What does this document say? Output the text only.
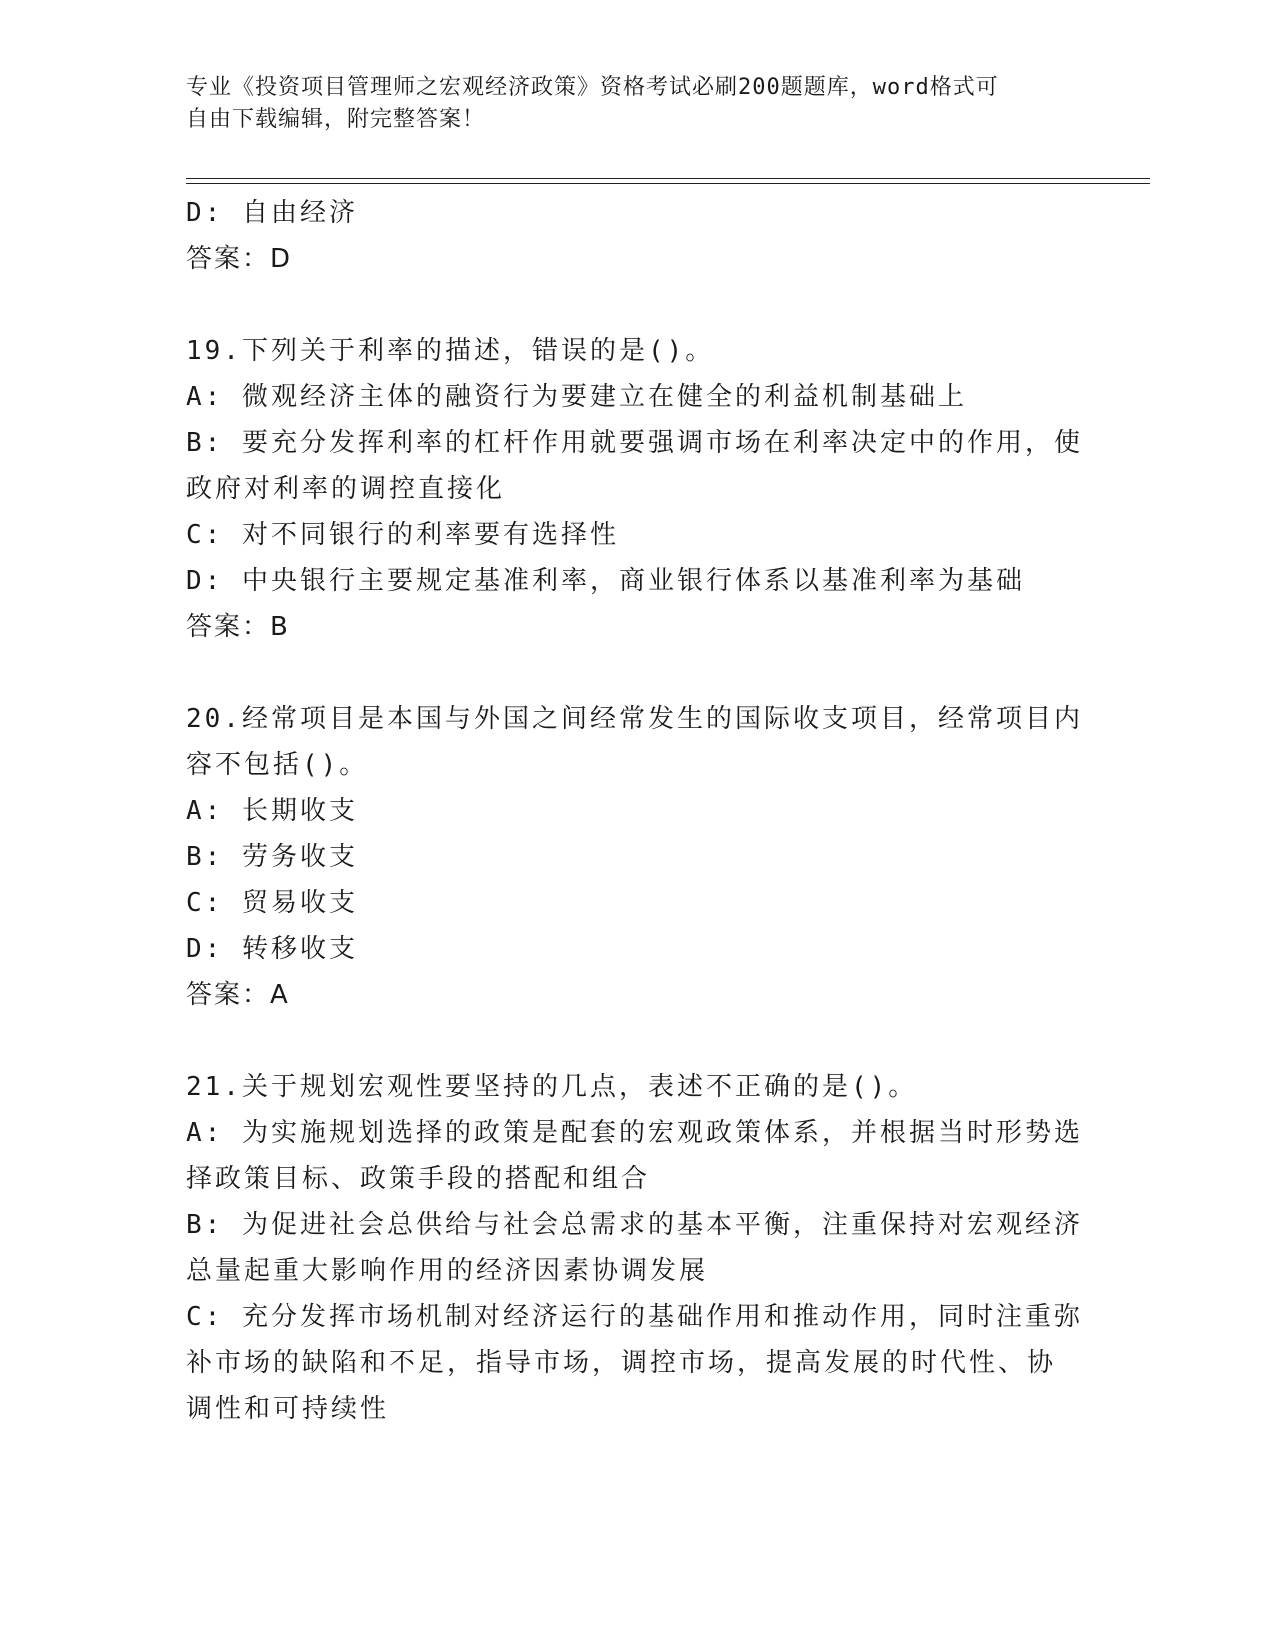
专业《投资项目管理师之宏观经济政策》资格考试必刷200题题库，word格式可
自由下载编辑，附完整答案！
D: 自由经济
答案：D
19.下列关于利率的描述，错误的是()。
A: 微观经济主体的融资行为要建立在健全的利益机制基础上
B: 要充分发挥利率的杠杆作用就要强调市场在利率决定中的作用，使
政府对利率的调控直接化
C: 对不同银行的利率要有选择性
D: 中央银行主要规定基准利率，商业银行体系以基准利率为基础
答案：B
20.经常项目是本国与外国之间经常发生的国际收支项目，经常项目内
容不包括()。
A: 长期收支
B: 劳务收支
C: 贸易收支
D: 转移收支
答案：A
21.关于规划宏观性要坚持的几点，表述不正确的是()。
A: 为实施规划选择的政策是配套的宏观政策体系，并根据当时形势选
择政策目标、政策手段的搭配和组合
B: 为促进社会总供给与社会总需求的基本平衡，注重保持对宏观经济
总量起重大影响作用的经济因素协调发展
C: 充分发挥市场机制对经济运行的基础作用和推动作用，同时注重弥
补市场的缺陷和不足，指导市场，调控市场，提高发展的时代性、协
调性和可持续性
